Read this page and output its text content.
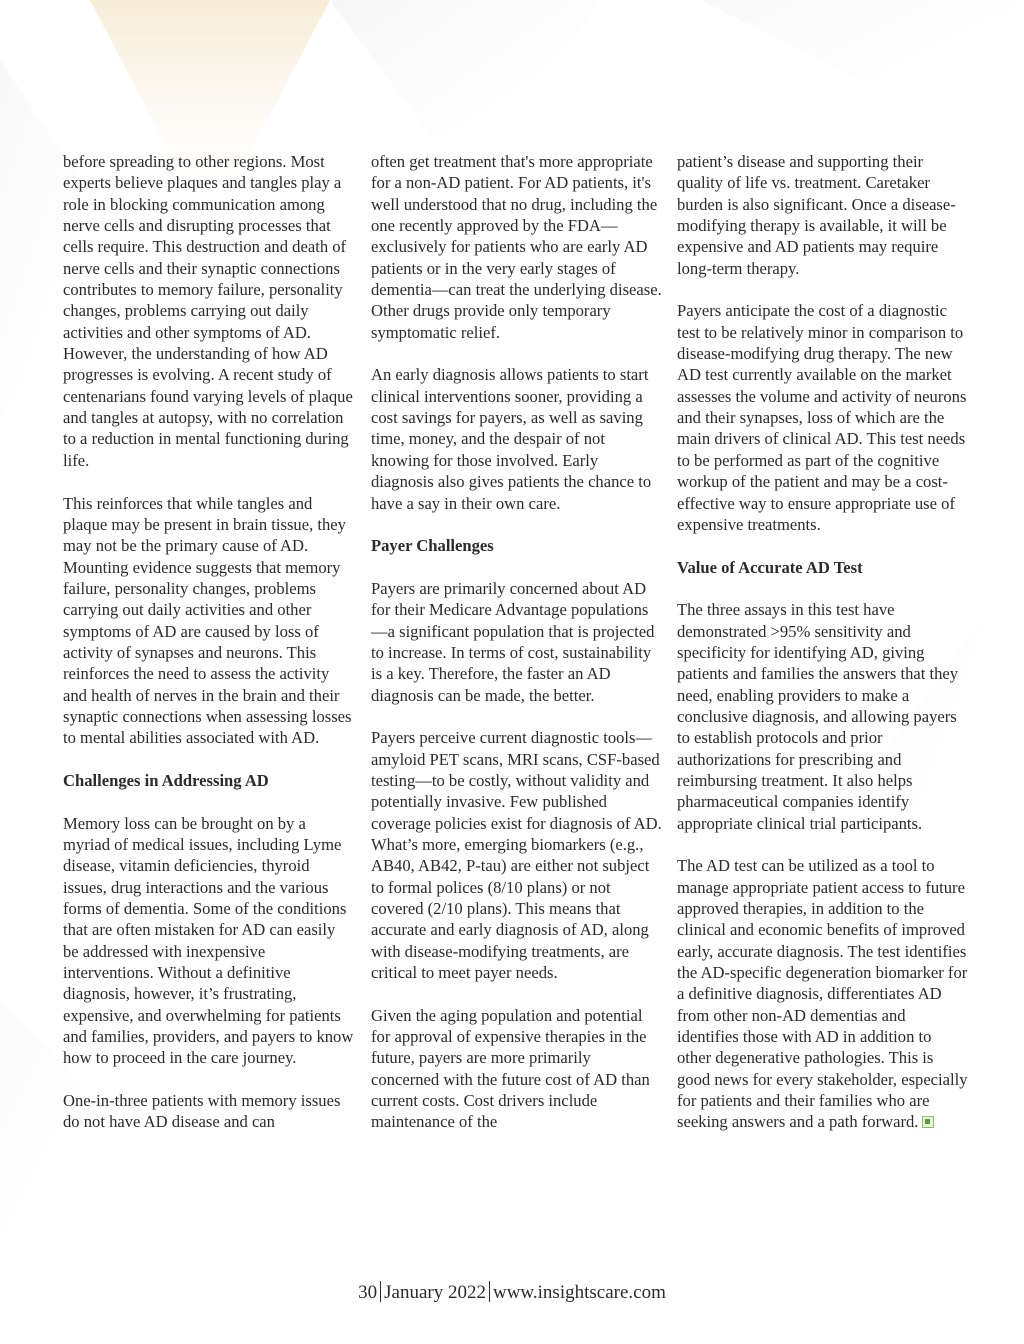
before spreading to other regions. Most experts believe plaques and tangles play a role in blocking communication among nerve cells and disrupting processes that cells require. This destruction and death of nerve cells and their synaptic connections contributes to memory failure, personality changes, problems carrying out daily activities and other symptoms of AD. However, the understanding of how AD progresses is evolving. A recent study of centenarians found varying levels of plaque and tangles at autopsy, with no correlation to a reduction in mental functioning during life.

This reinforces that while tangles and plaque may be present in brain tissue, they may not be the primary cause of AD. Mounting evidence suggests that memory failure, personality changes, problems carrying out daily activities and other symptoms of AD are caused by loss of activity of synapses and neurons. This reinforces the need to assess the activity and health of nerves in the brain and their synaptic connections when assessing losses to mental abilities associated with AD.

Challenges in Addressing AD

Memory loss can be brought on by a myriad of medical issues, including Lyme disease, vitamin deficiencies, thyroid issues, drug interactions and the various forms of dementia. Some of the conditions that are often mistaken for AD can easily be addressed with inexpensive interventions. Without a definitive diagnosis, however, it’s frustrating, expensive, and overwhelming for patients and families, providers, and payers to know how to proceed in the care journey.

One-in-three patients with memory issues do not have AD disease and can

often get treatment that's more appropriate for a non-AD patient. For AD patients, it's well understood that no drug, including the one recently approved by the FDA—exclusively for patients who are early AD patients or in the very early stages of dementia—can treat the underlying disease. Other drugs provide only temporary symptomatic relief.

An early diagnosis allows patients to start clinical interventions sooner, providing a cost savings for payers, as well as saving time, money, and the despair of not knowing for those involved. Early diagnosis also gives patients the chance to have a say in their own care.

Payer Challenges

Payers are primarily concerned about AD for their Medicare Advantage populations—a significant population that is projected to increase. In terms of cost, sustainability is a key. Therefore, the faster an AD diagnosis can be made, the better.

Payers perceive current diagnostic tools—amyloid PET scans, MRI scans, CSF-based testing—to be costly, without validity and potentially invasive. Few published coverage policies exist for diagnosis of AD. What’s more, emerging biomarkers (e.g., AB40, AB42, P-tau) are either not subject to formal polices (8/10 plans) or not covered (2/10 plans). This means that accurate and early diagnosis of AD, along with disease-modifying treatments, are critical to meet payer needs.

Given the aging population and potential for approval of expensive therapies in the future, payers are more primarily concerned with the future cost of AD than current costs. Cost drivers include maintenance of the

patient’s disease and supporting their quality of life vs. treatment. Caretaker burden is also significant. Once a disease-modifying therapy is available, it will be expensive and AD patients may require long-term therapy.

Payers anticipate the cost of a diagnostic test to be relatively minor in comparison to disease-modifying drug therapy. The new AD test currently available on the market assesses the volume and activity of neurons and their synapses, loss of which are the main drivers of clinical AD. This test needs to be performed as part of the cognitive workup of the patient and may be a cost-effective way to ensure appropriate use of expensive treatments.

Value of Accurate AD Test

The three assays in this test have demonstrated >95% sensitivity and specificity for identifying AD, giving patients and families the answers that they need, enabling providers to make a conclusive diagnosis, and allowing payers to establish protocols and prior authorizations for prescribing and reimbursing treatment. It also helps pharmaceutical companies identify appropriate clinical trial participants.

The AD test can be utilized as a tool to manage appropriate patient access to future approved therapies, in addition to the clinical and economic benefits of improved early, accurate diagnosis. The test identifies the AD-specific degeneration biomarker for a definitive diagnosis, differentiates AD from other non-AD dementias and identifies those with AD in addition to other degenerative pathologies. This is good news for every stakeholder, especially for patients and their families who are seeking answers and a path forward.

30 January 2022 www.insightscare.com
